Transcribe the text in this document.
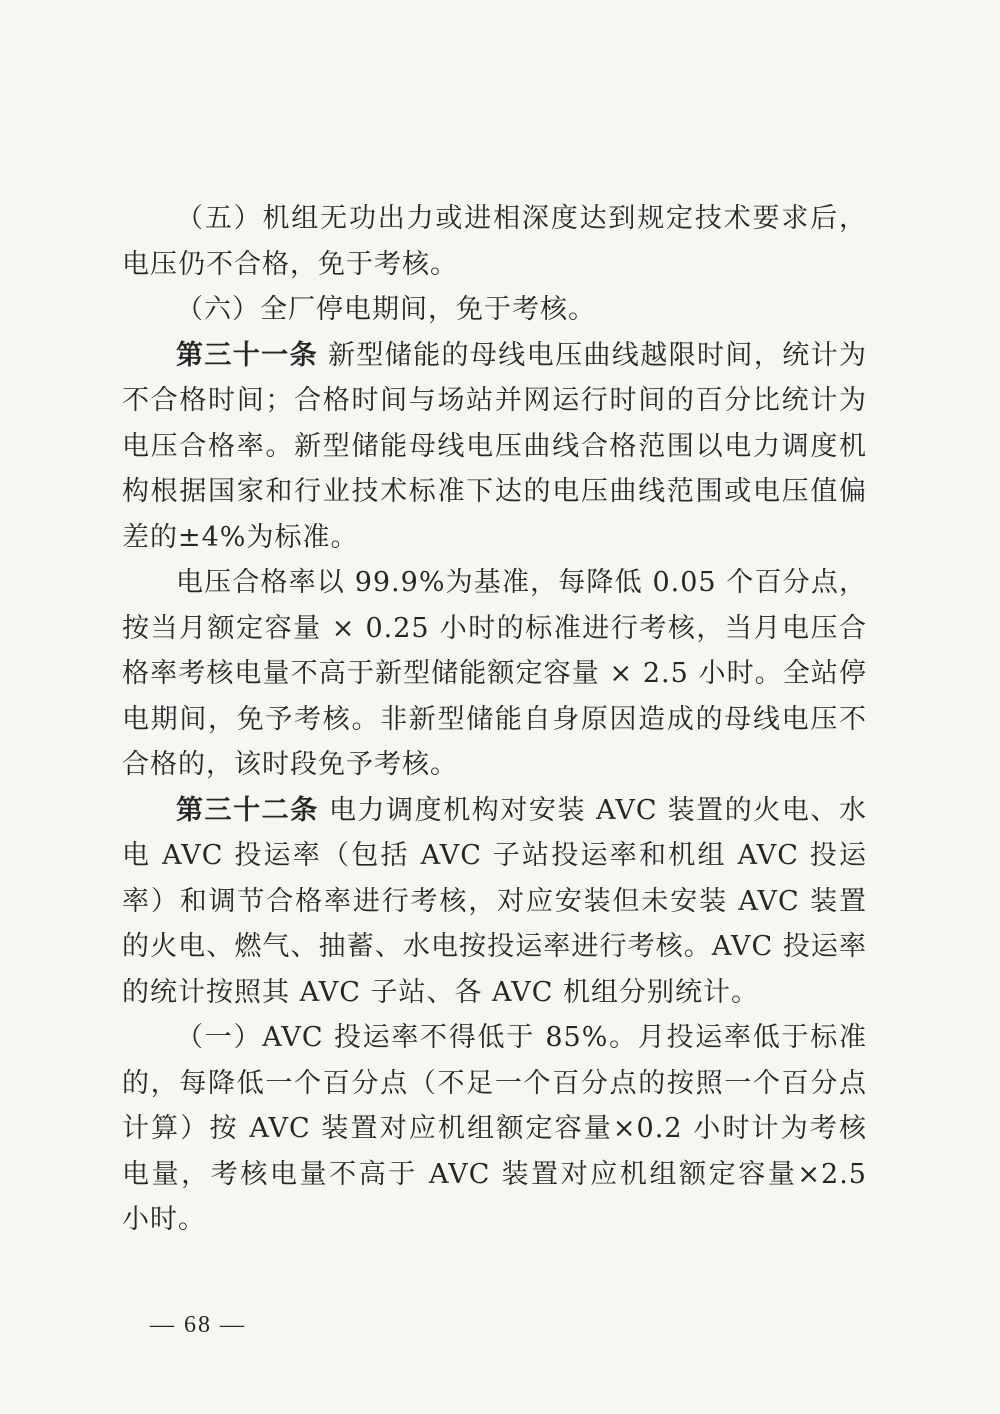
（五）机组无功出力或进相深度达到规定技术要求后，电压仍不合格，免于考核。

（六）全厂停电期间，免于考核。

第三十一条 新型储能的母线电压曲线越限时间，统计为不合格时间；合格时间与场站并网运行时间的百分比统计为电压合格率。新型储能母线电压曲线合格范围以电力调度机构根据国家和行业技术标准下达的电压曲线范围或电压值偏差的±4%为标准。

电压合格率以 99.9%为基准，每降低 0.05 个百分点，按当月额定容量 × 0.25 小时的标准进行考核，当月电压合格率考核电量不高于新型储能额定容量 × 2.5 小时。全站停电期间，免予考核。非新型储能自身原因造成的母线电压不合格的，该时段免予考核。

第三十二条 电力调度机构对安装 AVC 装置的火电、水电 AVC 投运率（包括 AVC 子站投运率和机组 AVC 投运率）和调节合格率进行考核，对应安装但未安装 AVC 装置的火电、燃气、抽蓄、水电按投运率进行考核。AVC 投运率的统计按照其 AVC 子站、各 AVC 机组分别统计。

（一）AVC 投运率不得低于 85%。月投运率低于标准的，每降低一个百分点（不足一个百分点的按照一个百分点计算）按 AVC 装置对应机组额定容量×0.2 小时计为考核电量，考核电量不高于 AVC 装置对应机组额定容量×2.5 小时。

— 68 —
